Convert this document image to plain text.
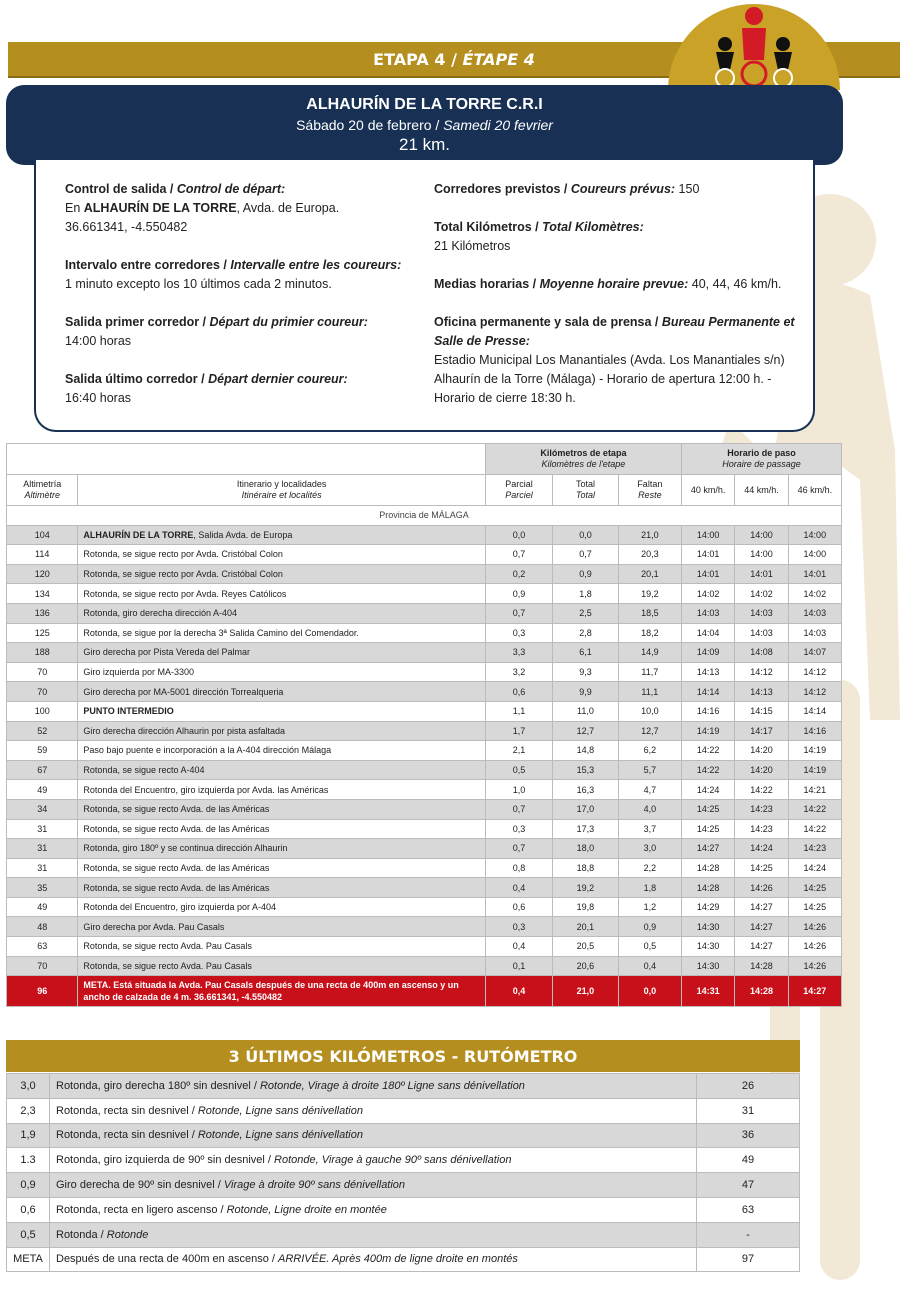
ETAPA 4 / ÉTAPE 4
ALHAURÍN DE LA TORRE C.R.I
Sábado 20 de febrero / Samedi 20 fevrier
21 km.
Control de salida / Control de départ:
En ALHAURÍN DE LA TORRE, Avda. de Europa.
36.661341, -4.550482
Intervalo entre corredores / Intervalle entre les coureurs:
1 minuto excepto los 10 últimos cada 2 minutos.
Salida primer corredor / Départ du primier coureur:
14:00 horas
Salida último corredor / Départ dernier coureur:
16:40 horas
Corredores previstos / Coureurs prévus: 150
Total Kilómetros / Total Kilomètres:
21 Kilómetros
Medias horarias / Moyenne horaire prevue: 40, 44, 46 km/h.
Oficina permanente y sala de prensa / Bureau Permanente et Salle de Presse:
Estadio Municipal Los Manantiales (Avda. Los Manantiales s/n)
Alhaurín de la Torre (Málaga) - Horario de apertura 12:00 h. -
Horario de cierre 18:30 h.
		Kilómetros de etapa
Kilomètres de l'etape			Horario de paso
Horaire de passage		
Altimetría
Altimètre	Itinerario y localidades
Itinéraire et localités	Parcial
Parciel	Total
Total	Faltan
Reste	40 km/h.	44 km/h.	46 km/h.
Provincia de MÁLAGA							
104	ALHAURÍN DE LA TORRE, Salida Avda. de Europa	0,0	0,0	21,0	14:00	14:00	14:00
114	Rotonda, se sigue recto por Avda. Cristóbal Colon	0,7	0,7	20,3	14:01	14:00	14:00
120	Rotonda, se sigue recto por Avda. Cristóbal Colon	0,2	0,9	20,1	14:01	14:01	14:01
134	Rotonda, se sigue recto por Avda. Reyes Católicos	0,9	1,8	19,2	14:02	14:02	14:02
136	Rotonda, giro derecha dirección A-404	0,7	2,5	18,5	14:03	14:03	14:03
125	Rotonda, se sigue por la derecha 3ª Salida Camino del Comendador.	0,3	2,8	18,2	14:04	14:03	14:03
188	Giro derecha por Pista Vereda del Palmar	3,3	6,1	14,9	14:09	14:08	14:07
70	Giro izquierda por MA-3300	3,2	9,3	11,7	14:13	14:12	14:12
70	Giro derecha por MA-5001 dirección Torrealqueria	0,6	9,9	11,1	14:14	14:13	14:12
100	PUNTO INTERMEDIO	1,1	11,0	10,0	14:16	14:15	14:14
52	Giro derecha dirección Alhaurin por pista asfaltada	1,7	12,7	12,7	14:19	14:17	14:16
59	Paso bajo puente e incorporación a la A-404 dirección Málaga	2,1	14,8	6,2	14:22	14:20	14:19
67	Rotonda, se sigue recto A-404	0,5	15,3	5,7	14:22	14:20	14:19
49	Rotonda del Encuentro, giro izquierda por Avda. las Américas	1,0	16,3	4,7	14:24	14:22	14:21
34	Rotonda, se sigue recto Avda. de las Américas	0,7	17,0	4,0	14:25	14:23	14:22
31	Rotonda, se sigue recto Avda. de las Américas	0,3	17,3	3,7	14:25	14:23	14:22
31	Rotonda, giro 180º y se continua dirección Alhaurin	0,7	18,0	3,0	14:27	14:24	14:23
31	Rotonda, se sigue recto Avda. de las Américas	0,8	18,8	2,2	14:28	14:25	14:24
35	Rotonda, se sigue recto Avda. de las Américas	0,4	19,2	1,8	14:28	14:26	14:25
49	Rotonda del Encuentro, giro izquierda por A-404	0,6	19,8	1,2	14:29	14:27	14:25
48	Giro derecha por Avda. Pau Casals	0,3	20,1	0,9	14:30	14:27	14:26
63	Rotonda, se sigue recto Avda. Pau Casals	0,4	20,5	0,5	14:30	14:27	14:26
70	Rotonda, se sigue recto Avda. Pau Casals	0,1	20,6	0,4	14:30	14:28	14:26
96	META. Está situada la Avda. Pau Casals después de una recta de 400m en ascenso y un
ancho de calzada de 4 m. 36.661341, -4.550482	0,4	21,0	0,0	14:31	14:28	14:27
3 ÚLTIMOS KILÓMETROS - RUTÓMETRO
3,0	Rotonda, giro derecha 180º sin desnivel / Rotonde, Virage à droite 180º Ligne sans dénivellation	26
2,3	Rotonda, recta sin desnivel / Rotonde, Ligne sans dénivellation	31
1,9	Rotonda, recta sin desnivel / Rotonde, Ligne sans dénivellation	36
1.3	Rotonda, giro izquierda de 90º sin desnivel / Rotonde, Virage à gauche 90º sans dénivellation	49
0,9	Giro derecha de 90º sin desnivel / Virage à droite 90º sans dénivellation	47
0,6	Rotonda, recta en ligero ascenso / Rotonde, Ligne droite en montée	63
0,5	Rotonda / Rotonde	-
META	Después de una recta de 400m en ascenso / ARRIVÉE. Après 400m de ligne droite en montés	97
